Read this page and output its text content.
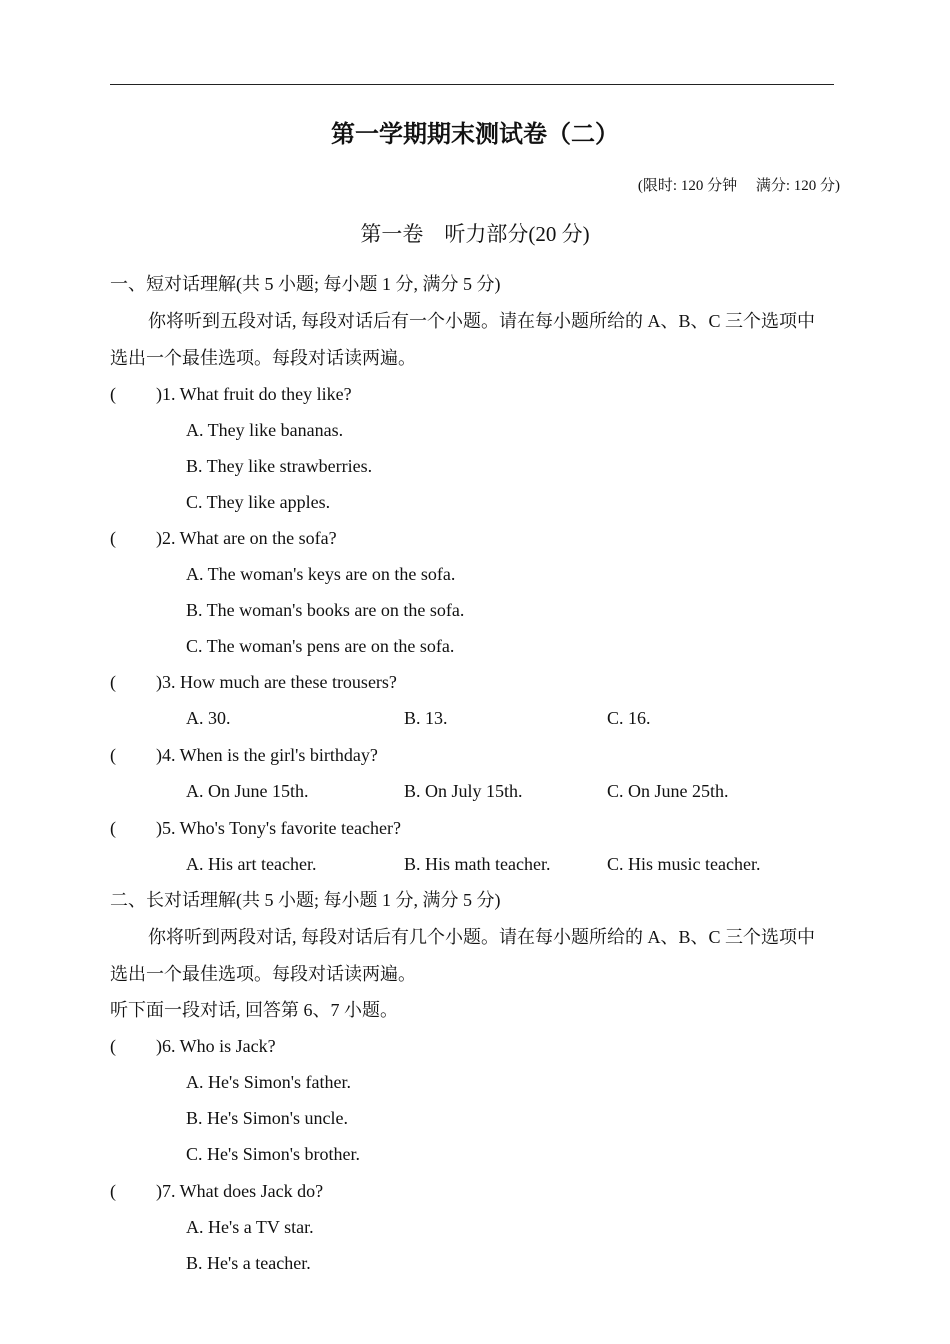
第一学期期末测试卷（二）
(限时: 120 分钟　 满分: 120 分)
第一卷　听力部分(20 分)
一、短对话理解(共 5 小题; 每小题 1 分, 满分 5 分)
你将听到五段对话, 每段对话后有一个小题。请在每小题所给的 A、B、C 三个选项中
选出一个最佳选项。每段对话读两遍。
( )1. What fruit do they like?
A. They like bananas.
B. They like strawberries.
C. They like apples.
( )2. What are on the sofa?
A. The woman's keys are on the sofa.
B. The woman's books are on the sofa.
C. The woman's pens are on the sofa.
( )3. How much are these trousers?
A. 30.	B. 13.	C. 16.
( )4. When is the girl's birthday?
A. On June 15th.	B. On July 15th.	C. On June 25th.
( )5. Who's Tony's favorite teacher?
A. His art teacher.	B. His math teacher.	C. His music teacher.
二、长对话理解(共 5 小题; 每小题 1 分, 满分 5 分)
你将听到两段对话, 每段对话后有几个小题。请在每小题所给的 A、B、C 三个选项中
选出一个最佳选项。每段对话读两遍。
听下面一段对话, 回答第 6、7 小题。
( )6. Who is Jack?
A. He's Simon's father.
B. He's Simon's uncle.
C. He's Simon's brother.
( )7. What does Jack do?
A. He's a TV star.
B. He's a teacher.
